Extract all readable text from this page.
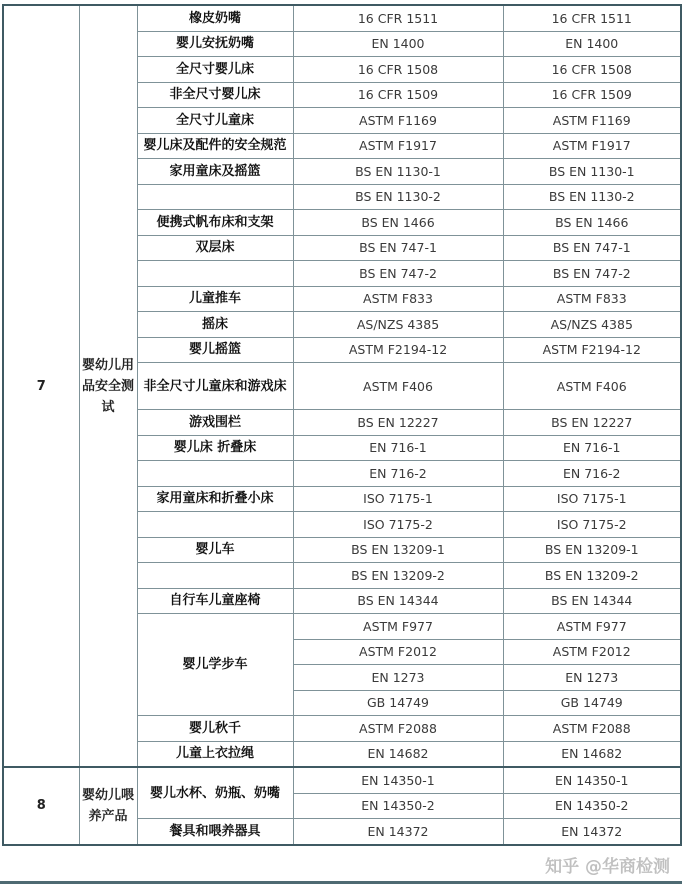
7	婴幼儿用品安全测试	橡皮奶嘴	16 CFR 1511	16 CFR 1511
		婴儿安抚奶嘴	EN 1400	EN 1400
		全尺寸婴儿床	16 CFR 1508	16 CFR 1508
		非全尺寸婴儿床	16 CFR 1509	16 CFR 1509
		全尺寸儿童床	ASTM F1169	ASTM F1169
		婴儿床及配件的安全规范	ASTM F1917	ASTM F1917
		家用童床及摇篮	BS EN 1130-1	BS EN 1130-1
			BS EN 1130-2	BS EN 1130-2
		便携式帆布床和支架	BS EN 1466	BS EN 1466
		双层床	BS EN 747-1	BS EN 747-1
			BS EN 747-2	BS EN 747-2
		儿童推车	ASTM F833	ASTM F833
		摇床	AS/NZS 4385	AS/NZS 4385
		婴儿摇篮	ASTM F2194-12	ASTM F2194-12
		非全尺寸儿童床和游戏床	ASTM F406	ASTM F406
		游戏围栏	BS EN 12227	BS EN 12227
		婴儿床 折叠床	EN 716-1	EN 716-1
			EN 716-2	EN 716-2
		家用童床和折叠小床	ISO 7175-1	ISO 7175-1
			ISO 7175-2	ISO 7175-2
		婴儿车	BS EN 13209-1	BS EN 13209-1
			BS EN 13209-2	BS EN 13209-2
		自行车儿童座椅	BS EN 14344	BS EN 14344
		婴儿学步车	ASTM F977	ASTM F977
			ASTM F2012	ASTM F2012
			EN 1273	EN 1273
			GB 14749	GB 14749
		婴儿秋千	ASTM F2088	ASTM F2088
		儿童上衣拉绳	EN 14682	EN 14682
8	婴幼儿喂养产品	婴儿水杯、奶瓶、奶嘴	EN 14350-1	EN 14350-1
			EN 14350-2	EN 14350-2
		餐具和喂养器具	EN 14372	EN 14372
知乎 @华商检测
